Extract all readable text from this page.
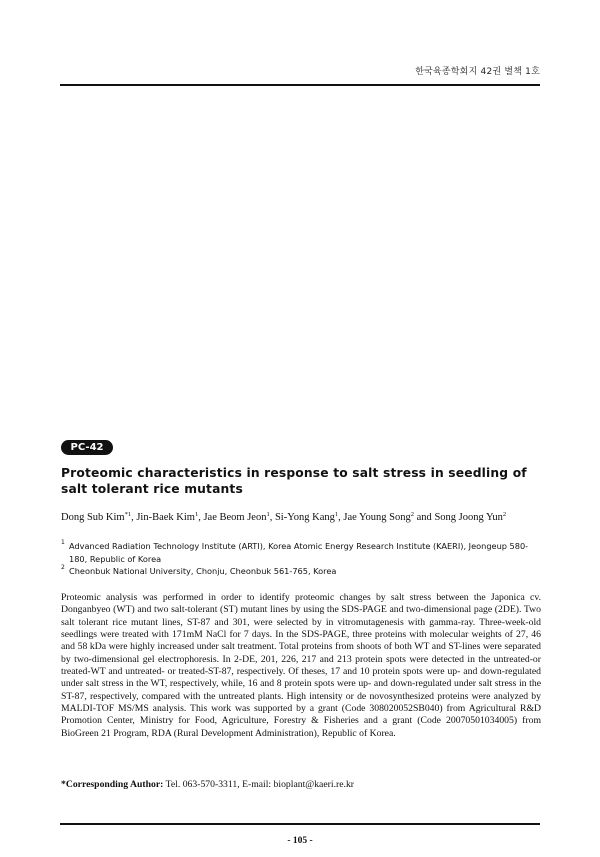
한국육종학회지 42권 별책 1호
PC-42
Proteomic characteristics in response to salt stress in seedling of salt tolerant rice mutants
Dong Sub Kim$^{*1}$, Jin-Baek Kim$^1$, Jae Beom Jeon$^1$, Si-Yong Kang$^1$, Jae Young Song$^2$ and Song Joong Yun$^2$

1 Advanced Radiation Technology Institute (ARTI), Korea Atomic Energy Research Institute (KAERI), Jeongeup 580-180, Republic of Korea

2 Cheonbuk National University, Chonju, Cheonbuk 561-765, Korea

Proteomic analysis was performed in order to identify proteomic changes by salt stress between the Japonica cv. Donganbyeo (WT) and two salt-tolerant (ST) mutant lines by using the SDS-PAGE and two-dimensional page (2DE). Two salt tolerant rice mutant lines, ST-87 and 301, were selected by in vitromutagenesis with gamma-ray. Three-week-old seedlings were treated with 171mM NaCl for 7 days. In the SDS-PAGE, three proteins with molecular weights of 27, 46 and 58 kDa were highly increased under salt treatment. Total proteins from shoots of both WT and ST-lines were separated by two-dimensional gel electrophoresis. In 2-DE, 201, 226, 217 and 213 protein spots were detected in the untreated-or treated-WT and untreated- or treated-ST-87, respectively. Of theses, 17 and 10 protein spots were up- and down-regulated under salt stress in the WT, respectively, while, 16 and 8 protein spots were up- and down-regulated under salt stress in the ST-87, respectively, compared with the untreated plants. High intensity or de novosynthesized proteins were analyzed by MALDI-TOF MS/MS analysis. This work was supported by a grant (Code 308020052SB040) from Agricultural R&D Promotion Center, Ministry for Food, Agriculture, Forestry & Fisheries and a grant (Code 20070501034005) from BioGreen 21 Program, RDA (Rural Development Administration), Republic of Korea.

*Corresponding Author: Tel. 063-570-3311, E-mail: bioplant@kaeri.re.kr
- 105 -
